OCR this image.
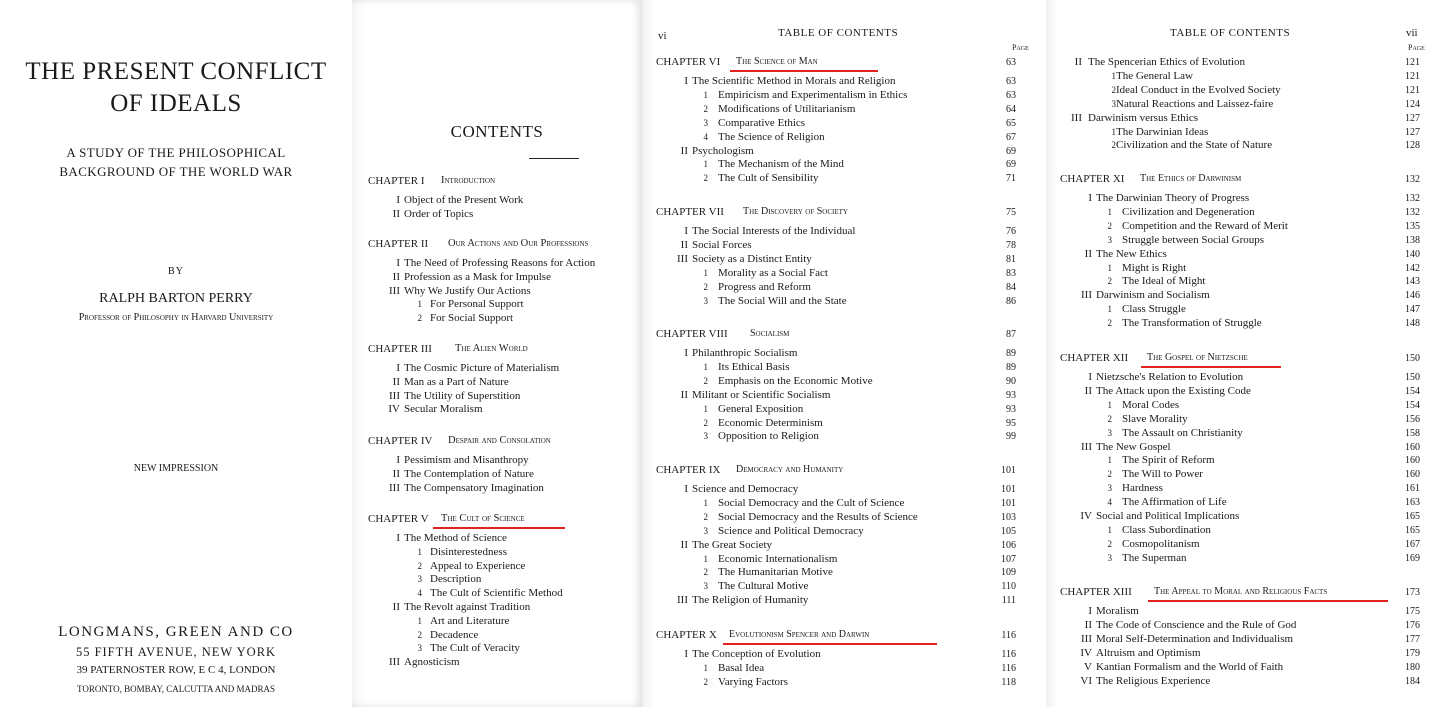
THE PRESENT CONFLICT
OF IDEALS
A STUDY OF THE PHILOSOPHICAL
BACKGROUND OF THE WORLD WAR
BY
RALPH BARTON PERRY
Professor of Philosophy in Harvard University
NEW IMPRESSION
LONGMANS, GREEN AND CO
55 FIFTH AVENUE, NEW YORK
39 PATERNOSTER ROW, E C 4, LONDON
TORONTO, BOMBAY, CALCUTTA AND MADRAS
CONTENTS
CHAPTER I Introduction
I Object of the Present Work
II Order of Topics
CHAPTER II Our Actions and Our Professions
I The Need of Professing Reasons for Action
II Profession as a Mask for Impulse
III Why We Justify Our Actions
1 For Personal Support
2 For Social Support
CHAPTER III The Alien World
I The Cosmic Picture of Materialism
II Man as a Part of Nature
III The Utility of Superstition
IV Secular Moralism
CHAPTER IV Despair and Consolation
I Pessimism and Misanthropy
II The Contemplation of Nature
III The Compensatory Imagination
CHAPTER V The Cult of Science
I The Method of Science
1 Disinterestedness
2 Appeal to Experience
3 Description
4 The Cult of Scientific Method
II The Revolt against Tradition
1 Art and Literature
2 Decadence
3 The Cult of Veracity
III Agnosticism
vi	TABLE OF CONTENTS
Page
CHAPTER VI The Science of Man	63
I The Scientific Method in Morals and Religion	63
1 Empiricism and Experimentalism in Ethics	63
2 Modifications of Utilitarianism	64
3 Comparative Ethics	65
4 The Science of Religion	67
II Psychologism	69
1 The Mechanism of the Mind	69
2 The Cult of Sensibility	71
CHAPTER VII The Discovery of Society	75
I The Social Interests of the Individual	76
II Social Forces	78
III Society as a Distinct Entity	81
1 Morality as a Social Fact	83
2 Progress and Reform	84
3 The Social Will and the State	86
CHAPTER VIII Socialism	87
I Philanthropic Socialism	89
1 Its Ethical Basis	89
2 Emphasis on the Economic Motive	90
II Militant or Scientific Socialism	93
1 General Exposition	93
2 Economic Determinism	95
3 Opposition to Religion	99
CHAPTER IX Democracy and Humanity	101
I Science and Democracy	101
1 Social Democracy and the Cult of Science	101
2 Social Democracy and the Results of Science	103
3 Science and Political Democracy	105
II The Great Society	106
1 Economic Internationalism	107
2 The Humanitarian Motive	109
3 The Cultural Motive	110
III The Religion of Humanity	111
CHAPTER X Evolutionism Spencer and Darwin	116
I The Conception of Evolution	116
1 Basal Idea	116
2 Varying Factors	118
TABLE OF CONTENTS	vii
Page
II The Spencerian Ethics of Evolution	121
1 The General Law	121
2 Ideal Conduct in the Evolved Society	121
3 Natural Reactions and Laissez-faire	124
III Darwinism versus Ethics	127
1 The Darwinian Ideas	127
2 Civilization and the State of Nature	128
CHAPTER XI The Ethics of Darwinism	132
I The Darwinian Theory of Progress	132
1 Civilization and Degeneration	132
2 Competition and the Reward of Merit	135
3 Struggle between Social Groups	138
II The New Ethics	140
1 Might is Right	142
2 The Ideal of Might	143
III Darwinism and Socialism	146
1 Class Struggle	147
2 The Transformation of Struggle	148
CHAPTER XII The Gospel of Nietzsche	150
I Nietzsche's Relation to Evolution	150
II The Attack upon the Existing Code	154
1 Moral Codes	154
2 Slave Morality	156
3 The Assault on Christianity	158
III The New Gospel	160
1 The Spirit of Reform	160
2 The Will to Power	160
3 Hardness	161
4 The Affirmation of Life	163
IV Social and Political Implications	165
1 Class Subordination	165
2 Cosmopolitanism	167
3 The Superman	169
CHAPTER XIII The Appeal to Moral and Religious Facts	173
I Moralism	175
II The Code of Conscience and the Rule of God	176
III Moral Self-Determination and Individualism	177
IV Altruism and Optimism	179
V Kantian Formalism and the World of Faith	180
VI The Religious Experience	184
